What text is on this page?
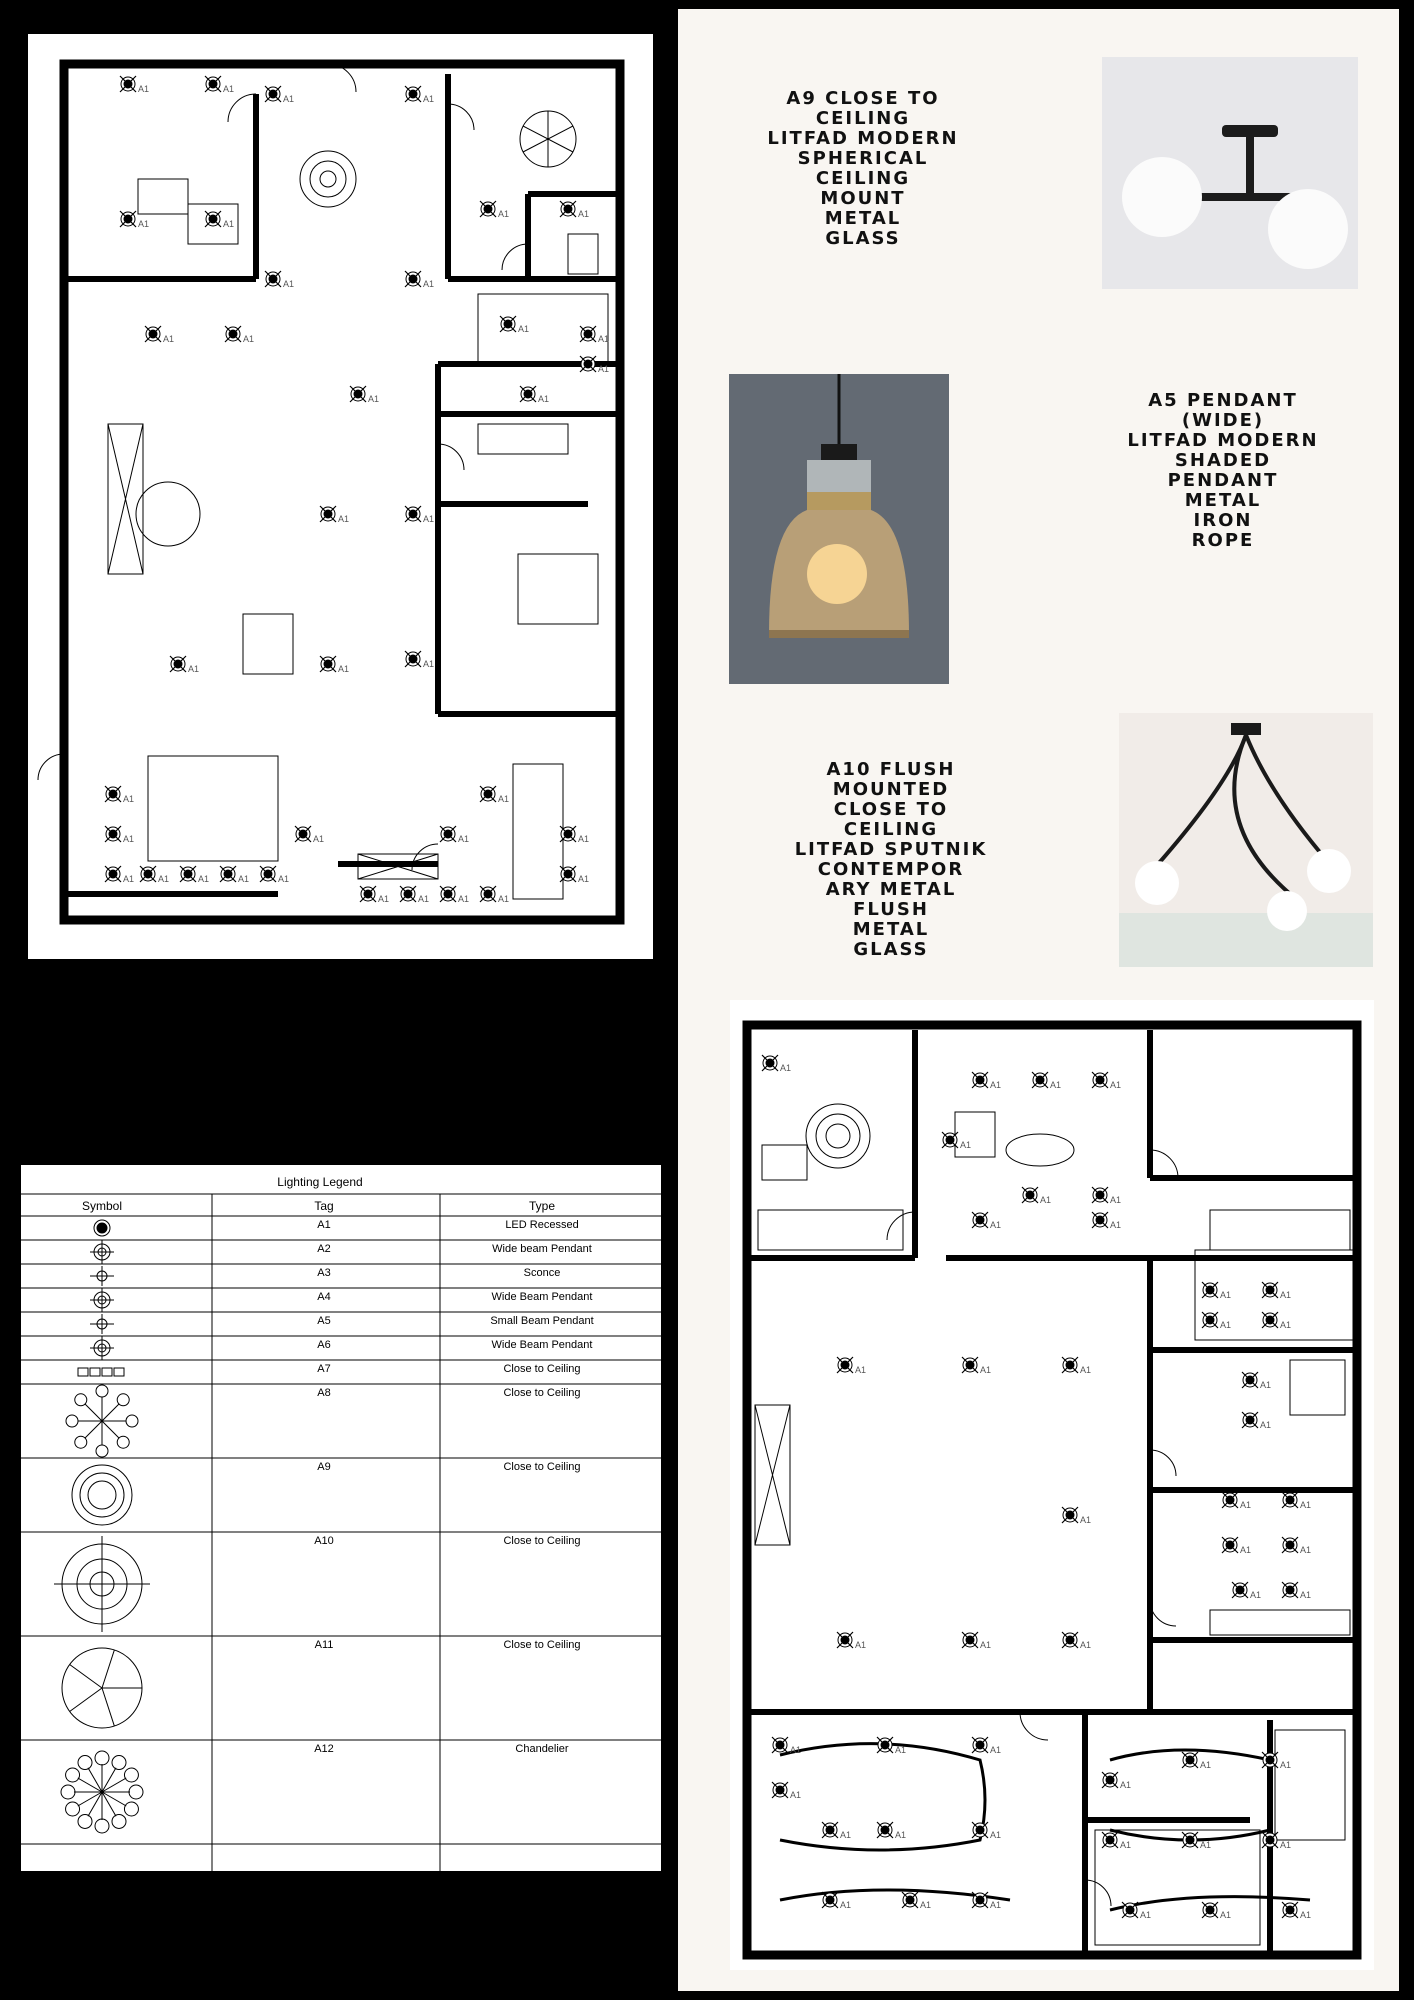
A1	A1
A1	A1
A1	A1
A1	A1
A1	A1
A1	A1
A1
A1
A1
A1	A1
A1	A1	A1
A1
A1
A1	A1	A1	A1	A1
A1	A1
A1
A1
A1
A1	A1	A1	A1
A1
A1
A9 CLOSE TO
CEILING
LITFAD MODERN
SPHERICAL
CEILING
MOUNT
METAL
GLASS
A5 PENDANT
(WIDE)
LITFAD MODERN
SHADED
PENDANT
METAL
IRON
ROPE
A10 FLUSH
MOUNTED
CLOSE TO
CEILING
LITFAD SPUTNIK
CONTEMPOR
ARY METAL
FLUSH
METAL
GLASS
A1
A1	A1	A1
A1
A1	A1
A1	A1
A1	A1
A1
A1
A1	A1	A1
A1
A1
A1
A1	A1
A1	A1
A1	A1
A1	A1	A1
A1	A1	A1
A1
A1	A1	A1
A1	A1	A1
A1
A1	A1
A1	A1	A1
A1	A1	A1
Lighting Legend
Symbol	Tag	Type
A1	LED Recessed
A2	Wide beam Pendant
A3	Sconce
A4	Wide Beam Pendant
A5	Small Beam Pendant
A6	Wide Beam Pendant
A7	Close to Ceiling
A8	Close to Ceiling
A9	Close to Ceiling
A10	Close to Ceiling
A11	Close to Ceiling
A12	Chandelier
